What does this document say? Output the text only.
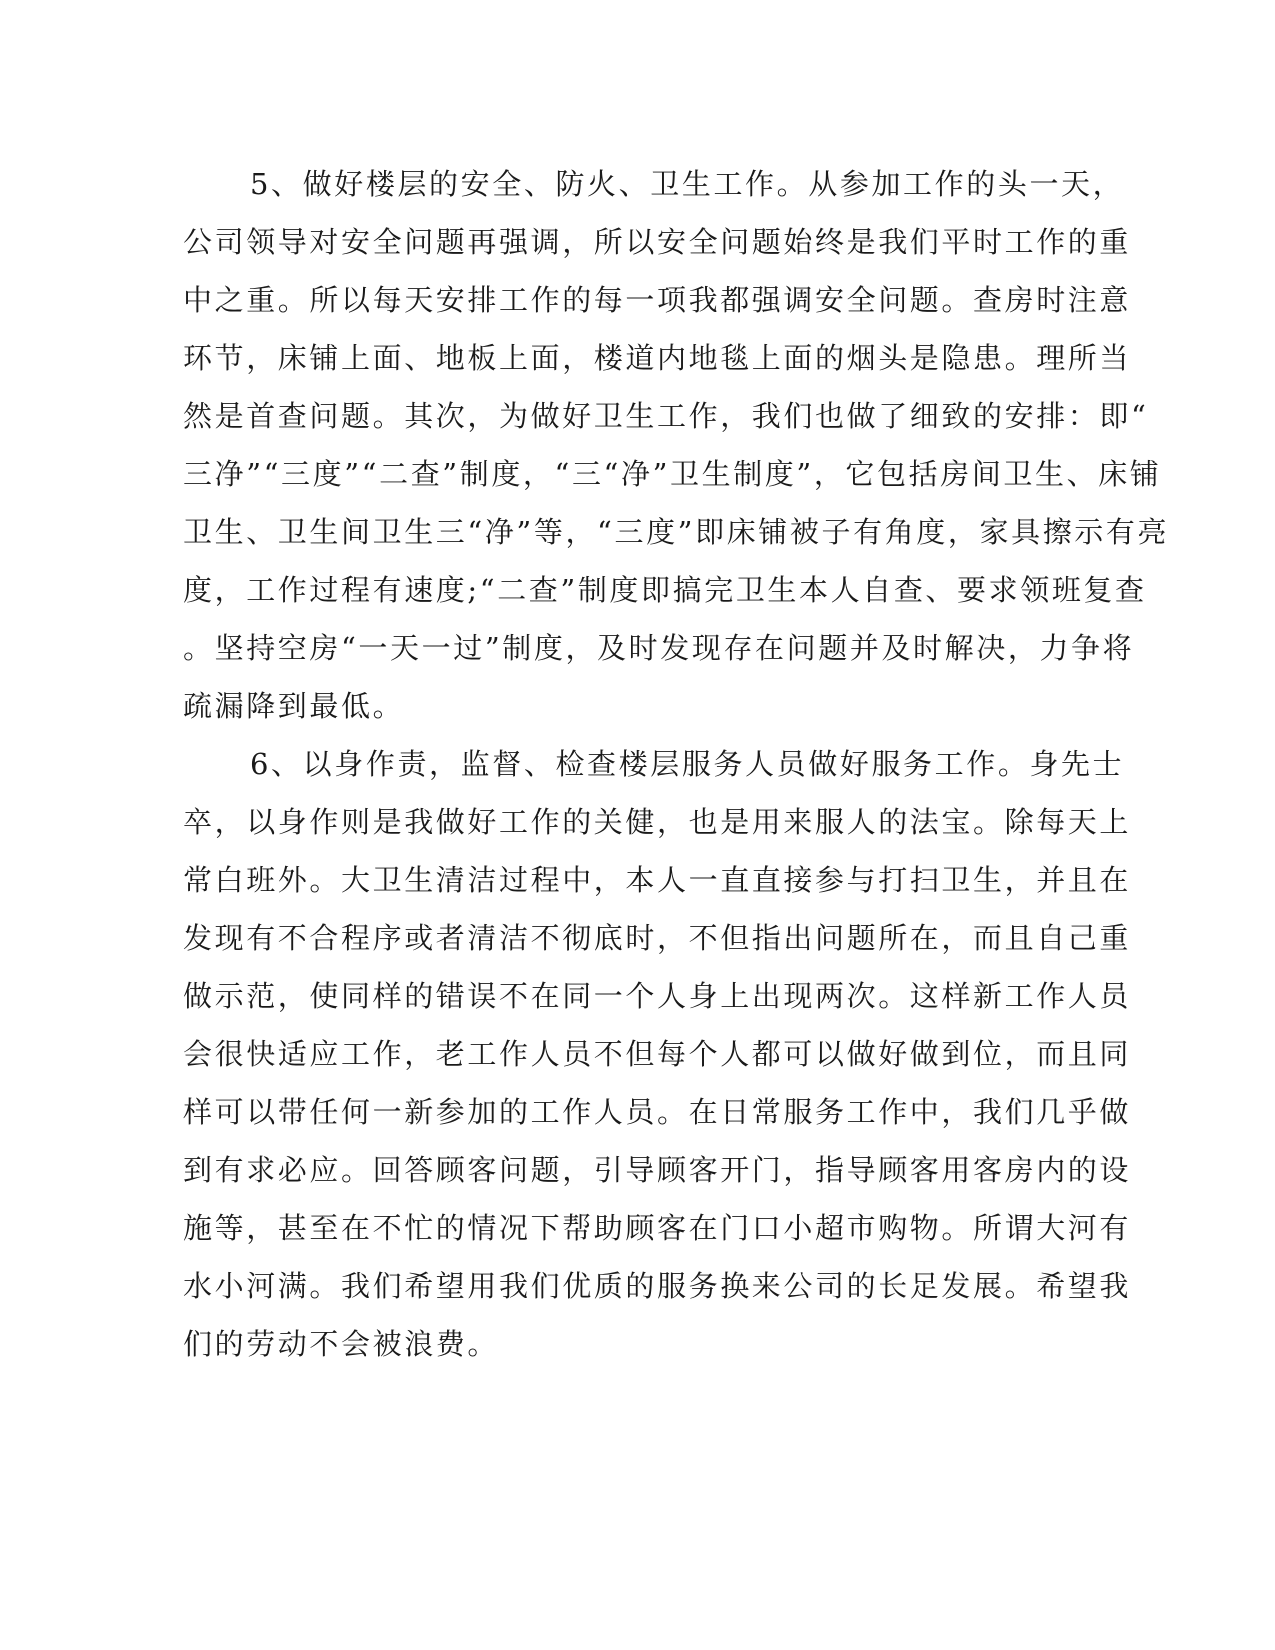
5、做好楼层的安全、防火、卫生工作。从参加工作的头一天，
公司领导对安全问题再强调，所以安全问题始终是我们平时工作的重
中之重。所以每天安排工作的每一项我都强调安全问题。查房时注意
环节，床铺上面、地板上面，楼道内地毯上面的烟头是隐患。理所当
然是首查问题。其次，为做好卫生工作，我们也做了细致的安排：即“
三净”“三度”“二查”制度，“三“净”卫生制度”，它包括房间卫生、床铺
卫生、卫生间卫生三“净”等，“三度”即床铺被子有角度，家具擦示有亮
度，工作过程有速度;“二查”制度即搞完卫生本人自查、要求领班复查
。坚持空房“一天一过”制度，及时发现存在问题并及时解决，力争将
疏漏降到最低。
6、以身作责，监督、检查楼层服务人员做好服务工作。身先士
卒，以身作则是我做好工作的关健，也是用来服人的法宝。除每天上
常白班外。大卫生清洁过程中，本人一直直接参与打扫卫生，并且在
发现有不合程序或者清洁不彻底时，不但指出问题所在，而且自己重
做示范，使同样的错误不在同一个人身上出现两次。这样新工作人员
会很快适应工作，老工作人员不但每个人都可以做好做到位，而且同
样可以带任何一新参加的工作人员。在日常服务工作中，我们几乎做
到有求必应。回答顾客问题，引导顾客开门，指导顾客用客房内的设
施等，甚至在不忙的情况下帮助顾客在门口小超市购物。所谓大河有
水小河满。我们希望用我们优质的服务换来公司的长足发展。希望我
们的劳动不会被浪费。
